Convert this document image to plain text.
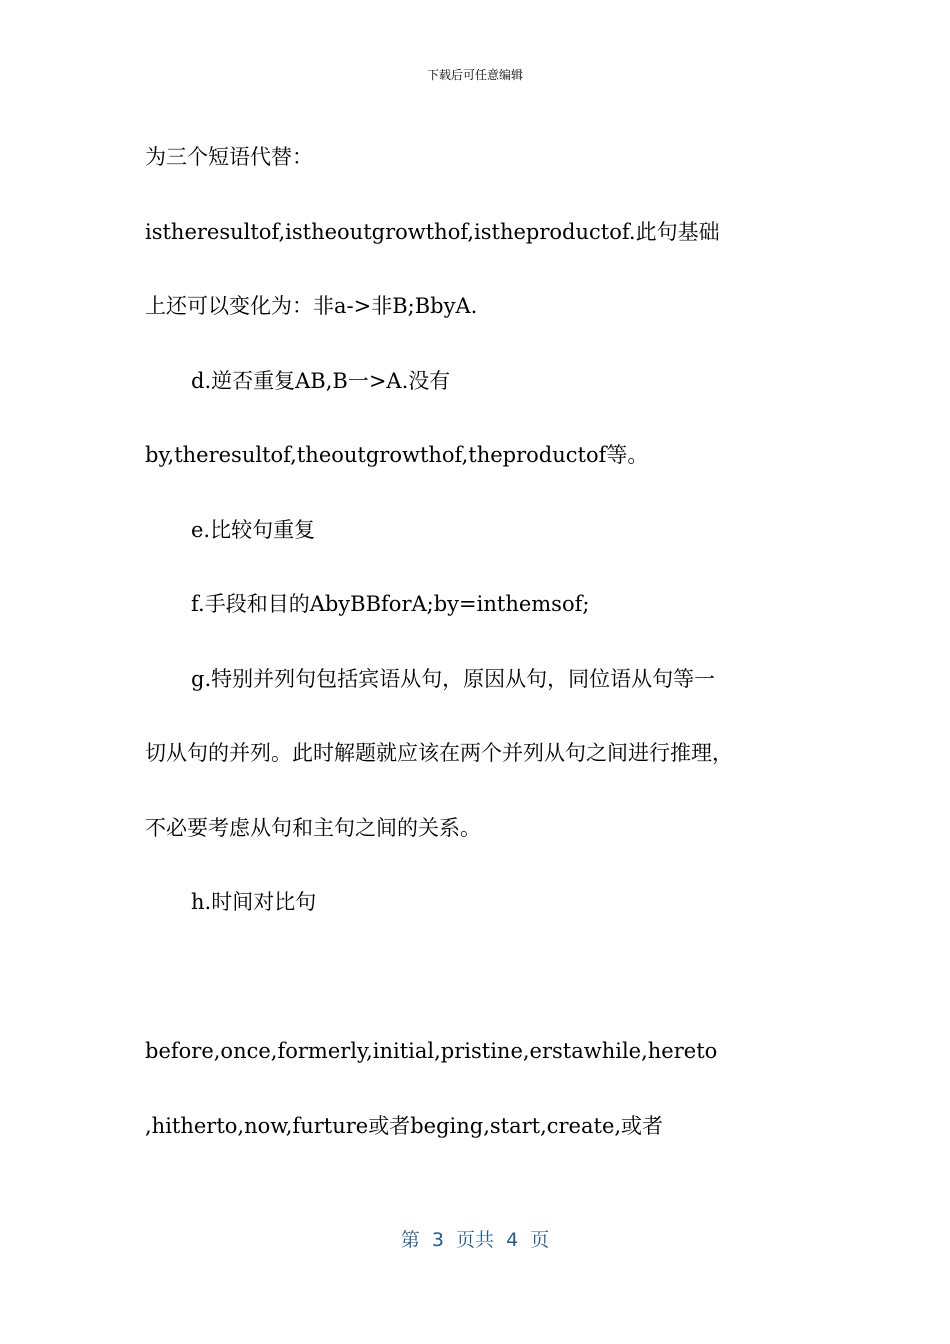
下载后可任意编辑
为三个短语代替：
istheresultof,istheoutgrowthof,istheproductof.此句基础
上还可以变化为：非a->非B;BbyA.
d.逆否重复AB,B一>A.没有
by,theresultof,theoutgrowthof,theproductof等。
e.比较句重复
f.手段和目的AbyBBforA;by=inthemsof;
g.特别并列句包括宾语从句，原因从句，同位语从句等一
切从句的并列。此时解题就应该在两个并列从句之间进行推理，
不必要考虑从句和主句之间的关系。
h.时间对比句
before,once,formerly,initial,pristine,erstawhile,hereto
,hitherto,now,furture或者beging,start,create,或者
第  3  页共  4  页
